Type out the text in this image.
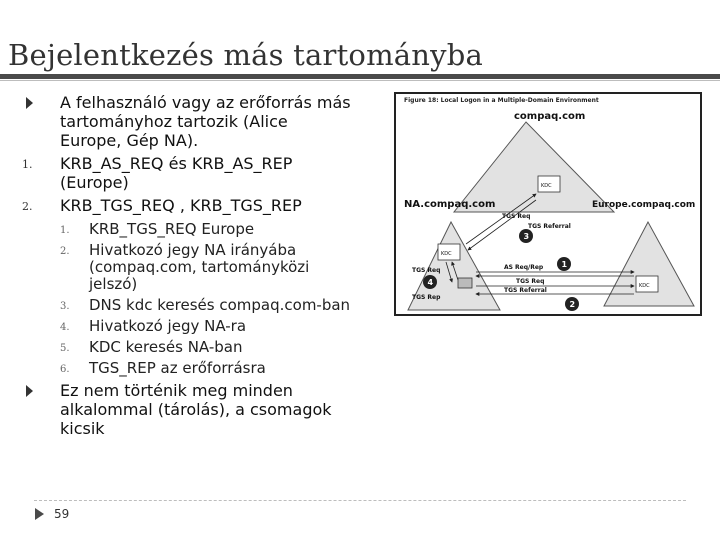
Bejelentkezés más tartományba
A felhasználó vagy az erőforrás más tartományhoz tartozik (Alice Europe, Gép NA).
1.	KRB_AS_REQ és KRB_AS_REP (Europe)
2.	KRB_TGS_REQ , KRB_TGS_REP
1. KRB_TGS_REQ Europe
2. Hivatkozó jegy NA irányába (compaq.com, tartományközi jelszó)
3. DNS kdc keresés compaq.com-ban
4. Hivatkozó jegy NA-ra
5. KDC keresés NA-ban
6. TGS_REP az erőforrásra
Ez nem történik meg minden alkalommal (tárolás), a csomagok kicsik
59
Figure 18: Local Logon in a Multiple-Domain Environment
compaq.com
NA.compaq.com	Europe.compaq.com
KDC
KDC
KDC
TGS Req
TGS Referral
AS Req/Rep
TGS Req
TGS Referral
TGS Req
TGS Rep
1
2
3
4
